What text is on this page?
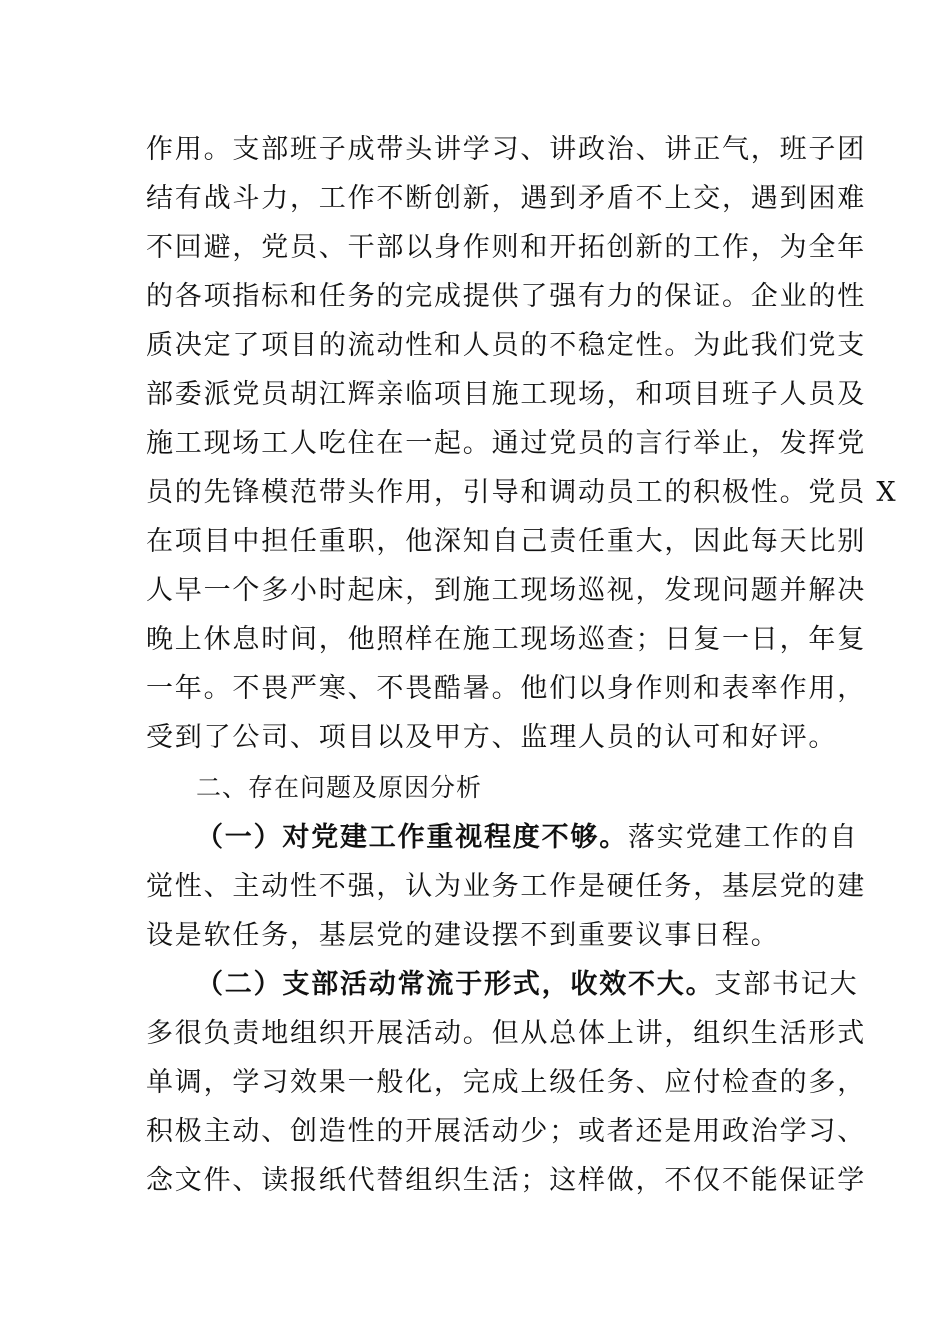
作用。支部班子成带头讲学习、讲政治、讲正气，班子团
结有战斗力，工作不断创新，遇到矛盾不上交，遇到困难
不回避，党员、干部以身作则和开拓创新的工作，为全年
的各项指标和任务的完成提供了强有力的保证。企业的性
质决定了项目的流动性和人员的不稳定性。为此我们党支
部委派党员胡江辉亲临项目施工现场，和项目班子人员及
施工现场工人吃住在一起。通过党员的言行举止，发挥党
员的先锋模范带头作用，引导和调动员工的积极性。党员 X
在项目中担任重职，他深知自己责任重大，因此每天比别
人早一个多小时起床，到施工现场巡视，发现问题并解决
晚上休息时间，他照样在施工现场巡查；日复一日，年复
一年。不畏严寒、不畏酷暑。他们以身作则和表率作用，
受到了公司、项目以及甲方、监理人员的认可和好评。
二、存在问题及原因分析
（一）对党建工作重视程度不够。落实党建工作的自
觉性、主动性不强，认为业务工作是硬任务，基层党的建
设是软任务，基层党的建设摆不到重要议事日程。
（二）支部活动常流于形式，收效不大。支部书记大
多很负责地组织开展活动。但从总体上讲，组织生活形式
单调，学习效果一般化，完成上级任务、应付检查的多，
积极主动、创造性的开展活动少；或者还是用政治学习、
念文件、读报纸代替组织生活；这样做，不仅不能保证学
